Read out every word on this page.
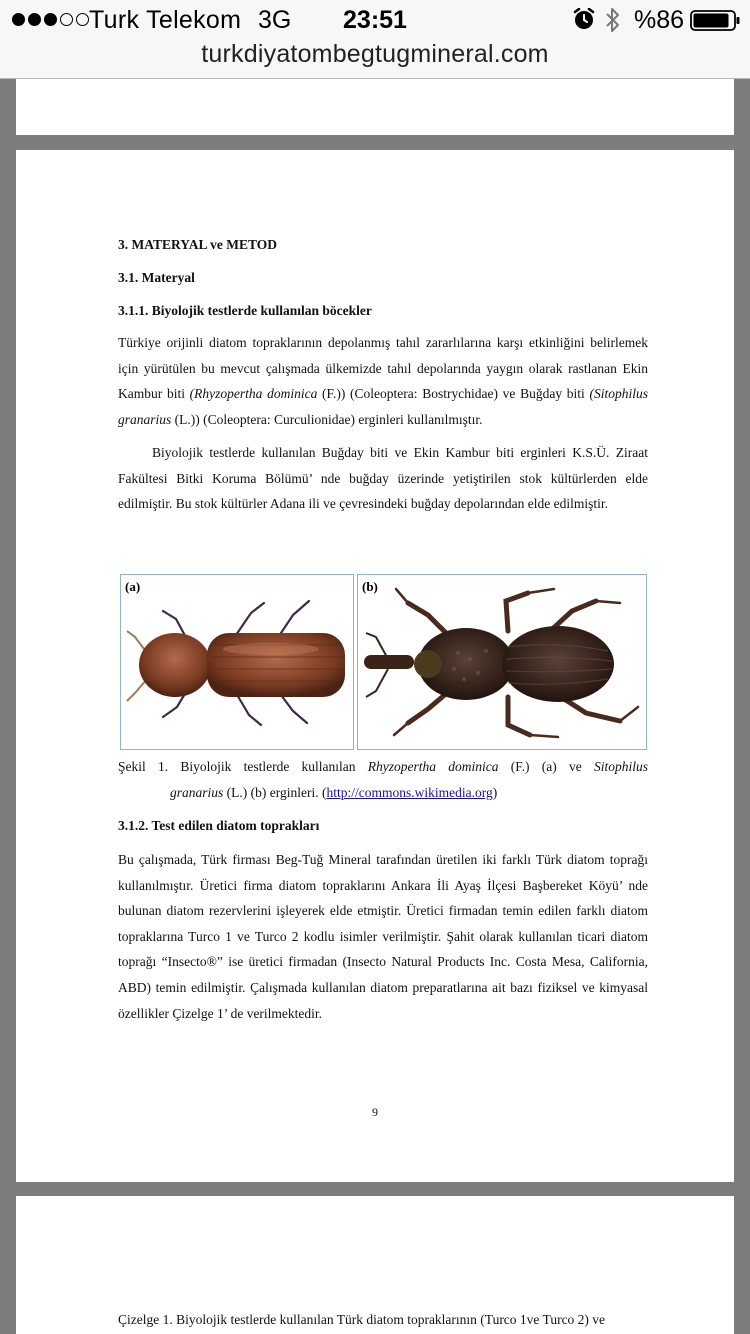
Turk Telekom 3G	23:51	%86
turkdiyatombegtugmineral.com
3. MATERYAL ve METOD
3.1. Materyal
3.1.1. Biyolojik testlerde kullanılan böcekler
Türkiye orijinli diatom topraklarının depolanmış tahıl zararlılarına karşı etkinliğini belirlemek için yürütülen bu mevcut çalışmada ülkemizde tahıl depolarında yaygın olarak rastlanan Ekin Kambur biti (Rhyzopertha dominica (F.)) (Coleoptera: Bostrychidae) ve Buğday biti (Sitophilus granarius (L.)) (Coleoptera: Curculionidae) erginleri kullanılmıştır.
Biyolojik testlerde kullanılan Buğday biti ve Ekin Kambur biti erginleri K.S.Ü. Ziraat Fakültesi Bitki Koruma Bölümü’ nde buğday üzerinde yetiştirilen stok kültürlerden elde edilmiştir. Bu stok kültürler Adana ili ve çevresindeki buğday depolarından elde edilmiştir.
(a)	(b)
Şekil 1. Biyolojik testlerde kullanılan Rhyzopertha dominica (F.) (a) ve Sitophilus
granarius (L.) (b) erginleri. (http://commons.wikimedia.org)
3.1.2. Test edilen diatom toprakları
Bu çalışmada, Türk firması Beg-Tuğ Mineral tarafından üretilen iki farklı Türk diatom toprağı kullanılmıştır. Üretici firma diatom topraklarını Ankara İli Ayaş İlçesi Başbereket Köyü’ nde bulunan diatom rezervlerini işleyerek elde etmiştir. Üretici firmadan temin edilen farklı diatom topraklarına Turco 1 ve Turco 2 kodlu isimler verilmiştir. Şahit olarak kullanılan ticari diatom toprağı “Insecto®” ise üretici firmadan (Insecto Natural Products Inc. Costa Mesa, California, ABD) temin edilmiştir. Çalışmada kullanılan diatom preparatlarına ait bazı fiziksel ve kimyasal özellikler Çizelge 1’ de verilmektedir.
9
Çizelge 1. Biyolojik testlerde kullanılan Türk diatom topraklarının (Turco 1ve Turco 2) ve
